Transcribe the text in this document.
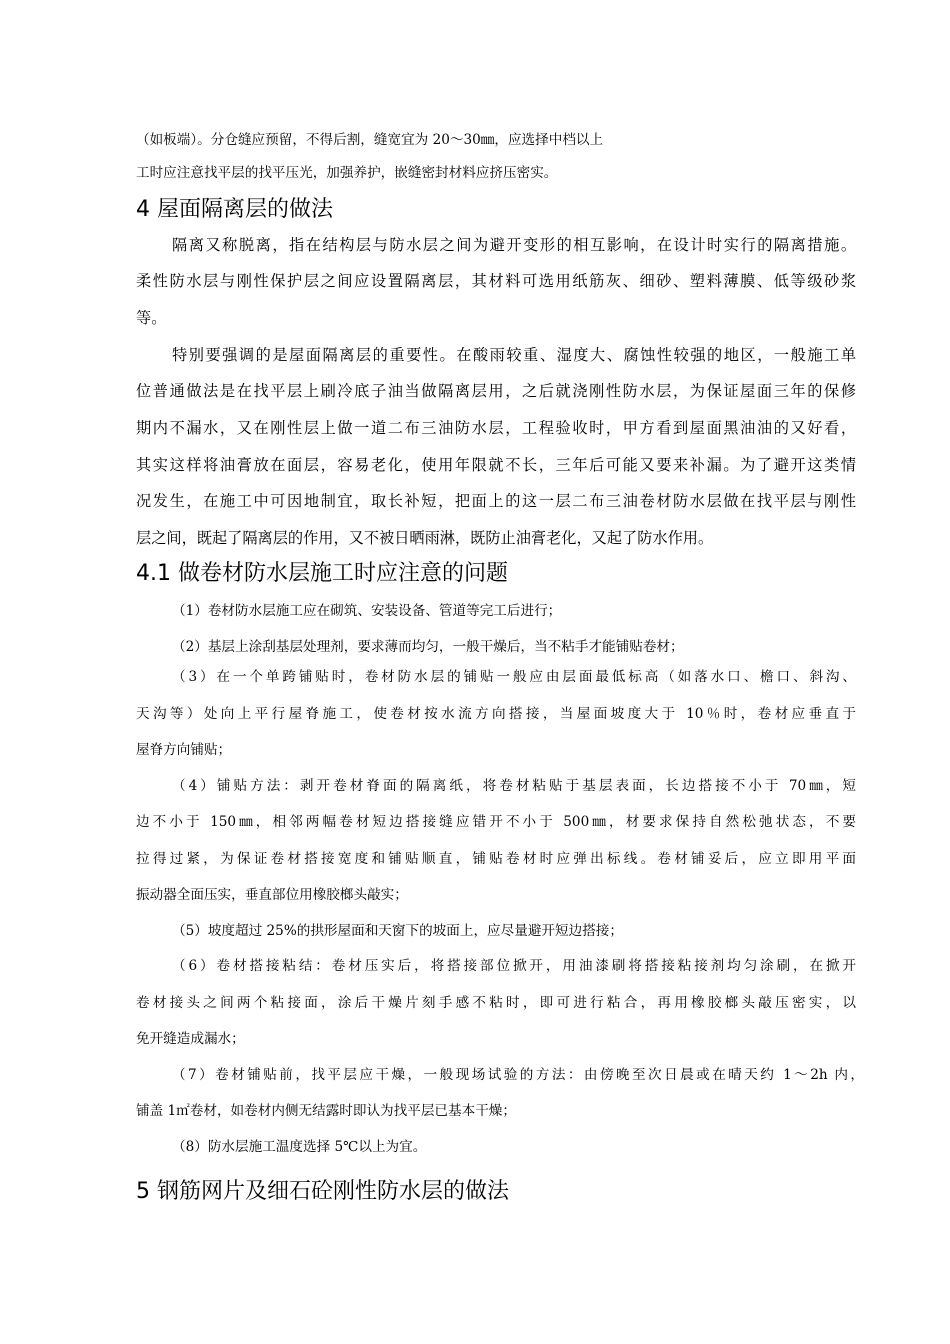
（如板端）。分仓缝应预留，不得后割，缝宽宜为 20～30㎜，应选择中档以上
工时应注意找平层的找平压光，加强养护，嵌缝密封材料应挤压密实。
4 屋面隔离层的做法
隔离又称脱离，指在结构层与防水层之间为避开变形的相互影响，在设计时实行的隔离措施。
柔性防水层与刚性保护层之间应设置隔离层，其材料可选用纸筋灰、细砂、塑料薄膜、低等级砂浆
等。
特别要强调的是屋面隔离层的重要性。在酸雨较重、湿度大、腐蚀性较强的地区，一般施工单
位普通做法是在找平层上刷冷底子油当做隔离层用，之后就浇刚性防水层，为保证屋面三年的保修
期内不漏水，又在刚性层上做一道二布三油防水层，工程验收时，甲方看到屋面黑油油的又好看，
其实这样将油膏放在面层，容易老化，使用年限就不长，三年后可能又要来补漏。为了避开这类情
况发生，在施工中可因地制宜，取长补短，把面上的这一层二布三油卷材防水层做在找平层与刚性
层之间，既起了隔离层的作用，又不被日晒雨淋，既防止油膏老化，又起了防水作用。
4.1 做卷材防水层施工时应注意的问题
（1）卷材防水层施工应在砌筑、安装设备、管道等完工后进行；
（2）基层上涂刮基层处理剂，要求薄而均匀，一般干燥后，当不粘手才能铺贴卷材；
（3）在一个单跨铺贴时，卷材防水层的铺贴一般应由层面最低标高（如落水口、檐口、斜沟、
天沟等）处向上平行屋脊施工，使卷材按水流方向搭接，当屋面坡度大于 10％时，卷材应垂直于
屋脊方向铺贴；
（4）铺贴方法：剥开卷材脊面的隔离纸，将卷材粘贴于基层表面，长边搭接不小于 70㎜，短
边不小于 150㎜，相邻两幅卷材短边搭接缝应错开不小于 500㎜，材要求保持自然松弛状态，不要
拉得过紧，为保证卷材搭接宽度和铺贴顺直，铺贴卷材时应弹出标线。卷材铺妥后，应立即用平面
振动器全面压实，垂直部位用橡胶榔头敲实；
（5）坡度超过 25%的拱形屋面和天窗下的坡面上，应尽量避开短边搭接；
（6）卷材搭接粘结：卷材压实后，将搭接部位掀开，用油漆刷将搭接粘接剂均匀涂刷，在掀开
卷材接头之间两个粘接面，涂后干燥片刻手感不粘时，即可进行粘合，再用橡胶榔头敲压密实，以
免开缝造成漏水；
（7）卷材铺贴前，找平层应干燥，一般现场试验的方法：由傍晚至次日晨或在晴天约 1～2h 内，
铺盖 1㎡卷材，如卷材内侧无结露时即认为找平层已基本干燥；
（8）防水层施工温度选择 5℃以上为宜。
5 钢筋网片及细石砼刚性防水层的做法
